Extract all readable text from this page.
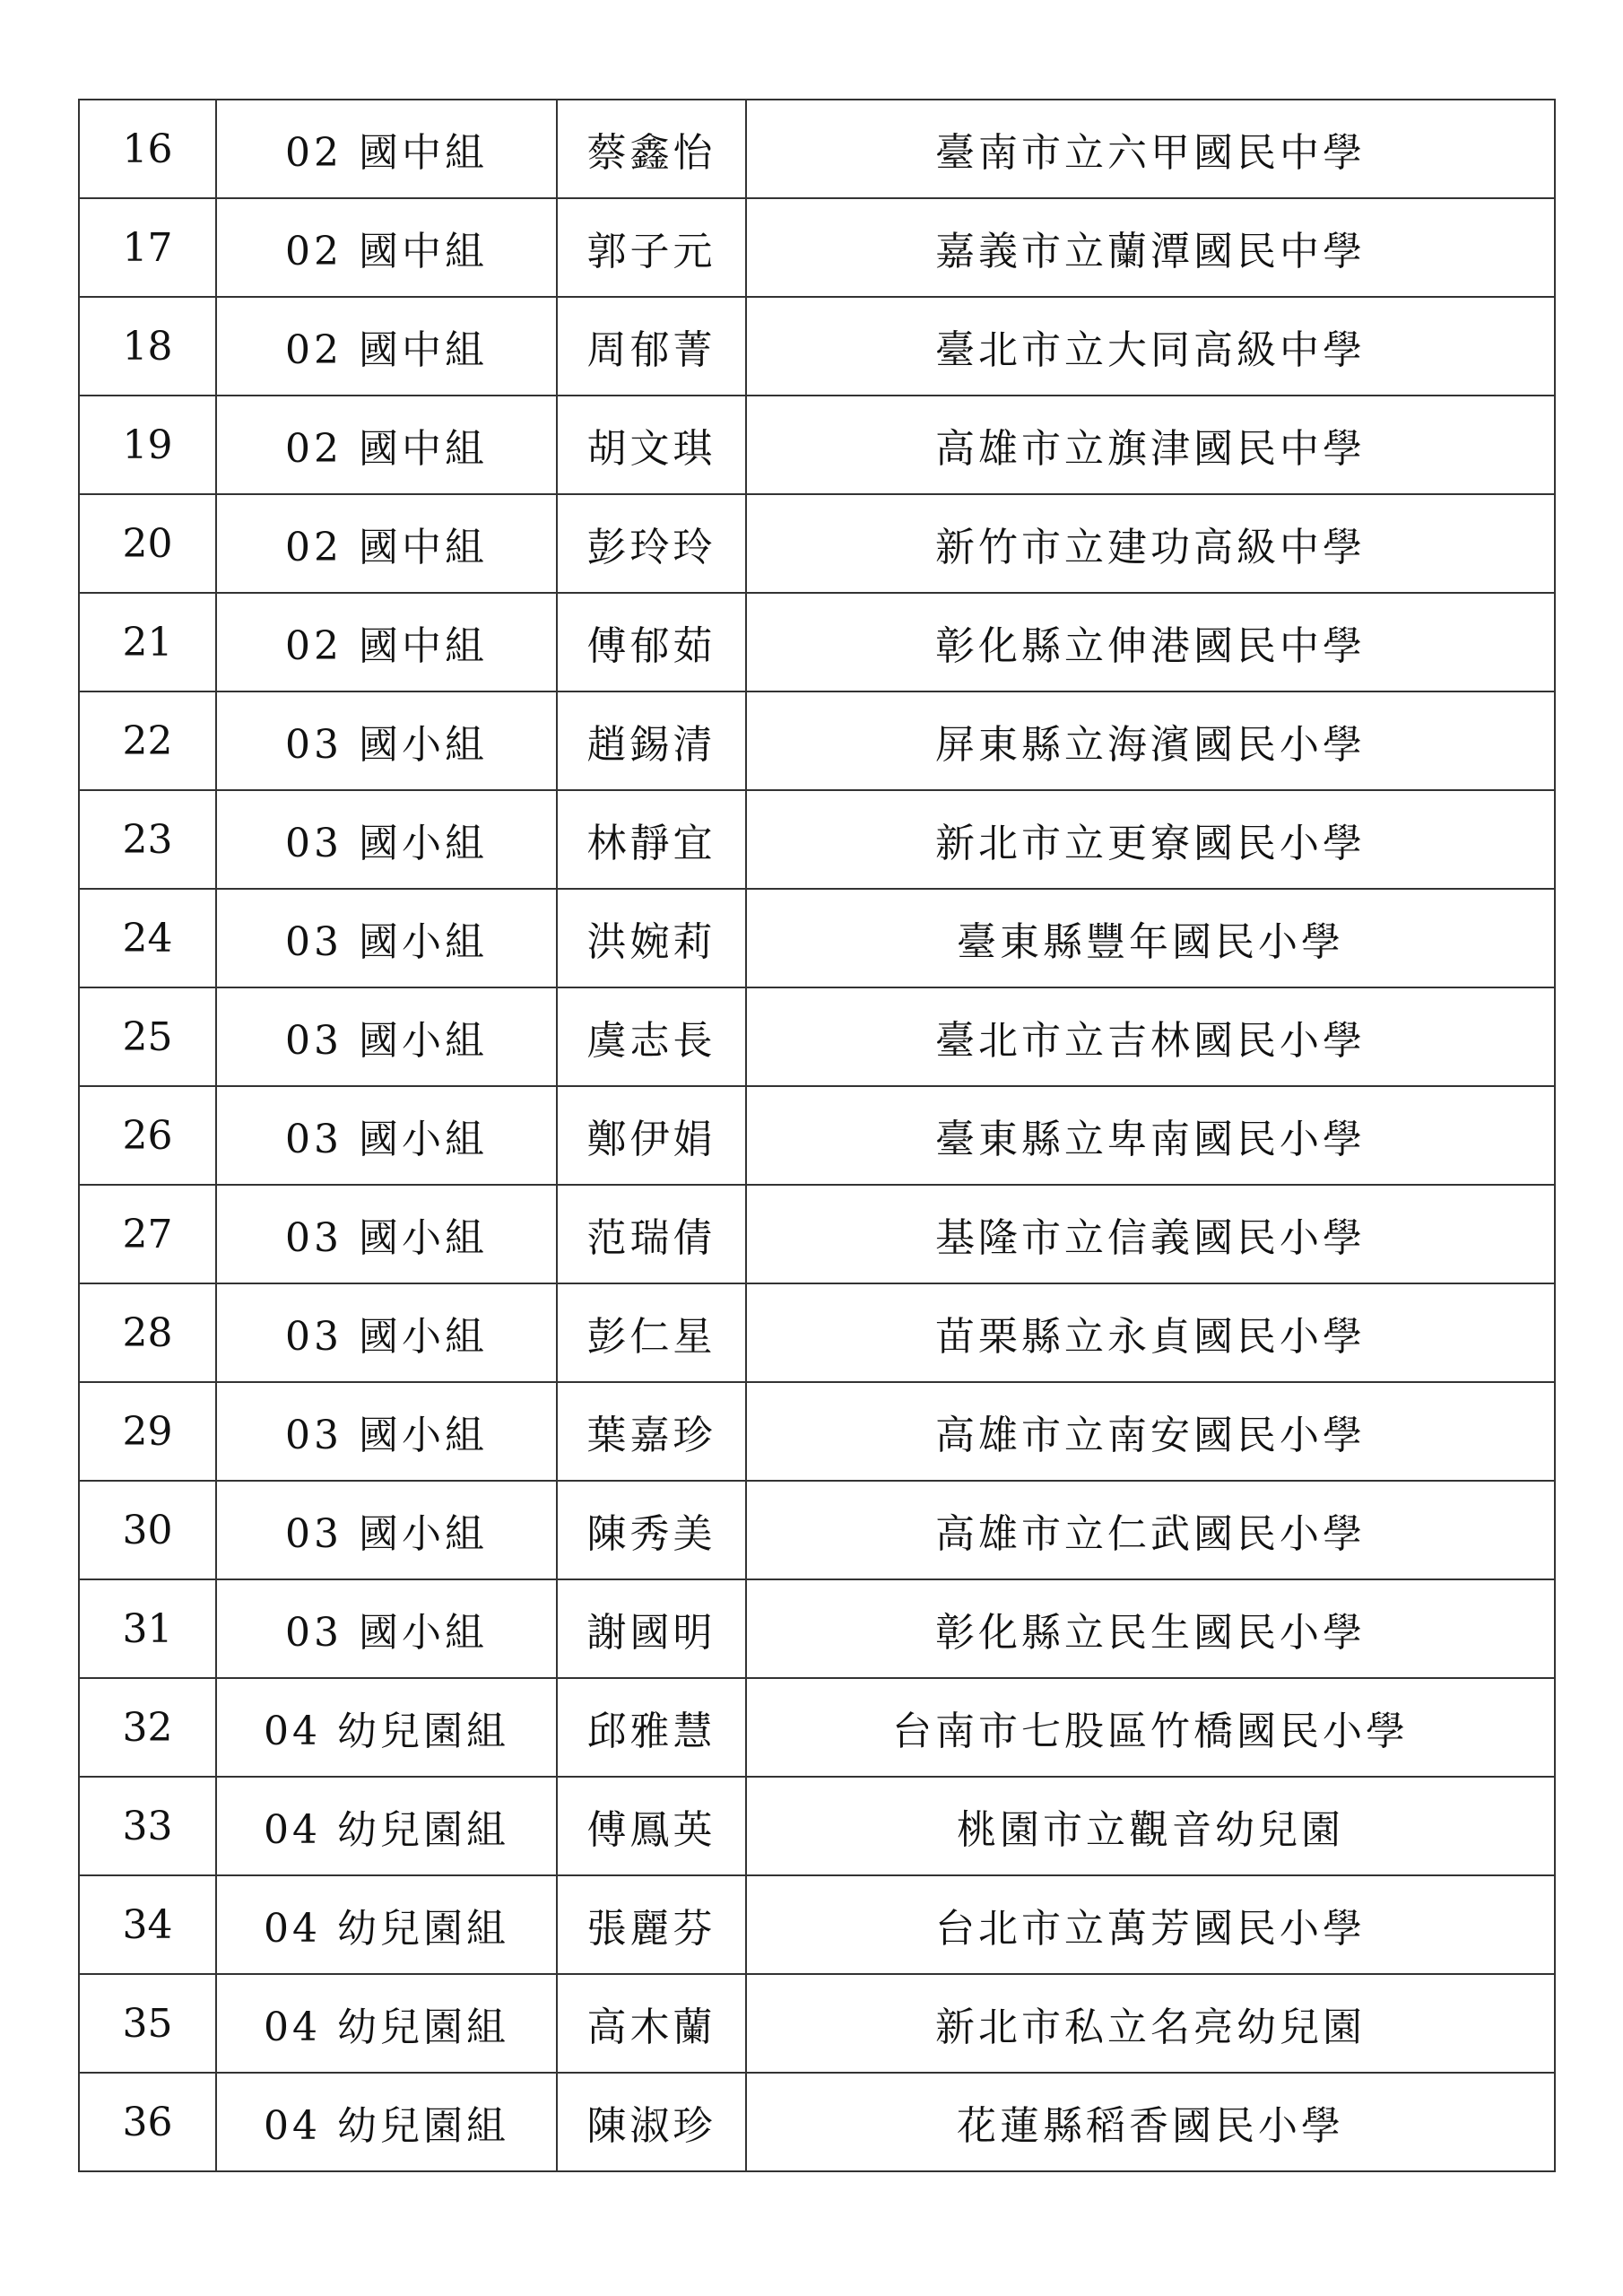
16	02 國中組	蔡鑫怡	臺南市立六甲國民中學
17	02 國中組	郭子元	嘉義市立蘭潭國民中學
18	02 國中組	周郁菁	臺北市立大同高級中學
19	02 國中組	胡文琪	高雄市立旗津國民中學
20	02 國中組	彭玲玲	新竹市立建功高級中學
21	02 國中組	傅郁茹	彰化縣立伸港國民中學
22	03 國小組	趙錫清	屏東縣立海濱國民小學
23	03 國小組	林靜宜	新北市立更寮國民小學
24	03 國小組	洪婉莉	臺東縣豐年國民小學
25	03 國小組	虞志長	臺北市立吉林國民小學
26	03 國小組	鄭伊娟	臺東縣立卑南國民小學
27	03 國小組	范瑞倩	基隆市立信義國民小學
28	03 國小組	彭仁星	苗栗縣立永貞國民小學
29	03 國小組	葉嘉珍	高雄市立南安國民小學
30	03 國小組	陳秀美	高雄市立仁武國民小學
31	03 國小組	謝國明	彰化縣立民生國民小學
32	04 幼兒園組	邱雅慧	台南市七股區竹橋國民小學
33	04 幼兒園組	傅鳳英	桃園市立觀音幼兒園
34	04 幼兒園組	張麗芬	台北市立萬芳國民小學
35	04 幼兒園組	高木蘭	新北市私立名亮幼兒園
36	04 幼兒園組	陳淑珍	花蓮縣稻香國民小學
